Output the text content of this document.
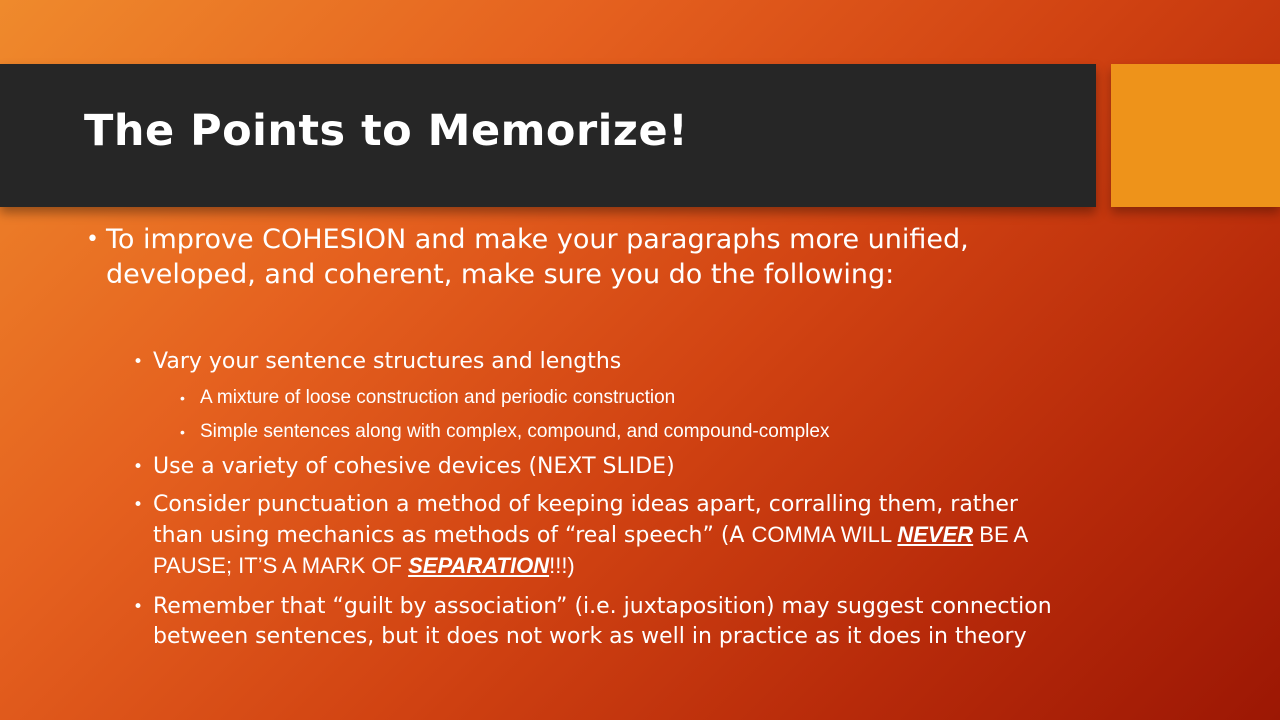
The Points to Memorize!
• To improve COHESION and make your paragraphs more unified, developed, and coherent, make sure you do the following:
• Vary your sentence structures and lengths
• A mixture of loose construction and periodic construction
• Simple sentences along with complex, compound, and compound-complex
• Use a variety of cohesive devices (NEXT SLIDE)
• Consider punctuation a method of keeping ideas apart, corralling them, rather than using mechanics as methods of “real speech” (A COMMA WILL NEVER BE A PAUSE; IT’S A MARK OF SEPARATION!!!)
• Remember that “guilt by association” (i.e. juxtaposition) may suggest connection between sentences, but it does not work as well in practice as it does in theory
